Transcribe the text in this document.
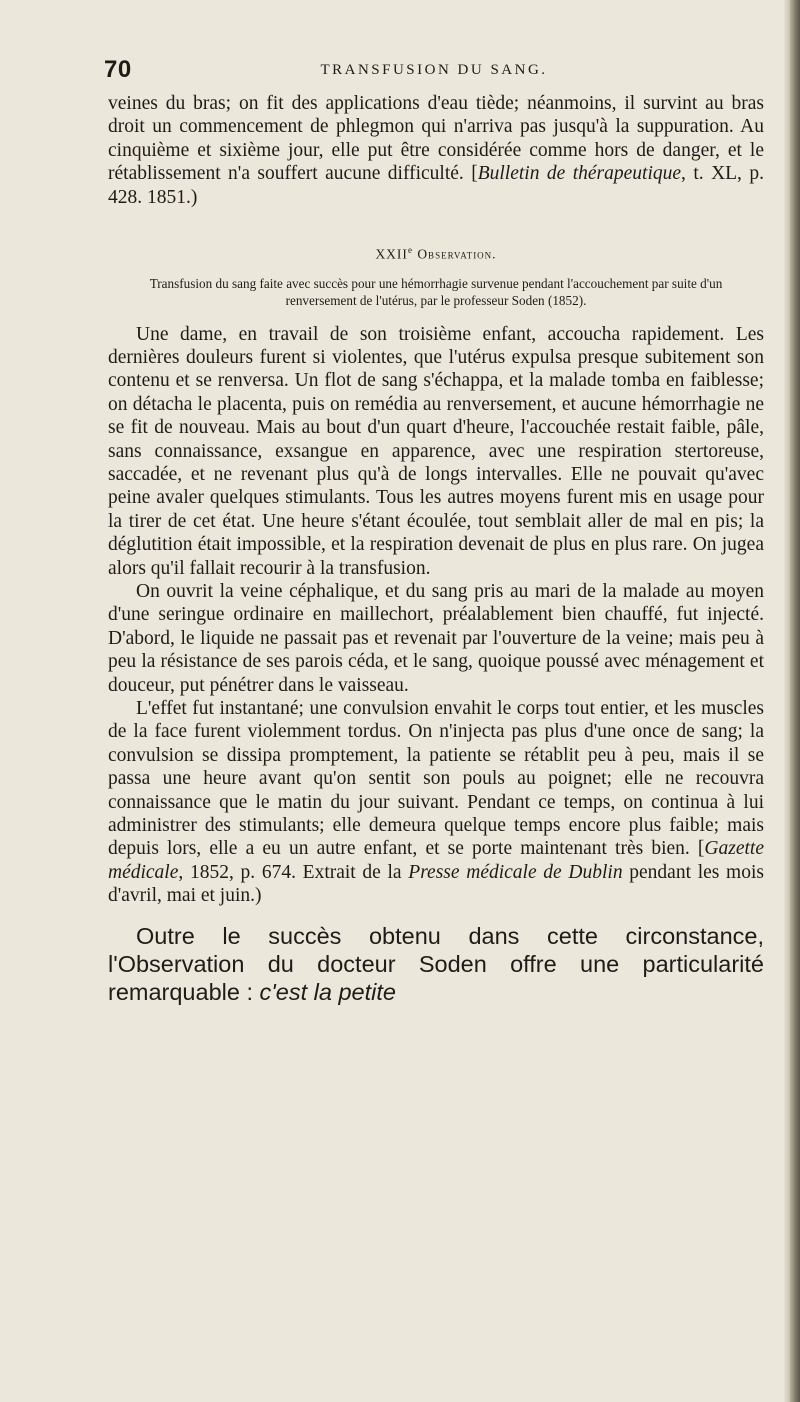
70	TRANSFUSION DU SANG.

veines du bras; on fit des applications d'eau tiède; néanmoins, il survint au bras droit un commencement de phlegmon qui n'arriva pas jusqu'à la suppuration. Au cinquième et sixième jour, elle put être considérée comme hors de danger, et le rétablissement n'a souffert aucune difficulté. [Bulletin de thérapeutique, t. XL, p. 428. 1851.)

XXIIe Observation.
Transfusion du sang faite avec succès pour une hémorrhagie survenue pendant l'accouchement par suite d'un renversement de l'utérus, par le professeur Soden (1852).

Une dame, en travail de son troisième enfant, accoucha rapidement. Les dernières douleurs furent si violentes, que l'utérus expulsa presque subitement son contenu et se renversa. Un flot de sang s'échappa, et la malade tomba en faiblesse; on détacha le placenta, puis on remédia au renversement, et aucune hémorrhagie ne se fit de nouveau. Mais au bout d'un quart d'heure, l'accouchée restait faible, pâle, sans connaissance, exsangue en apparence, avec une respiration stertoreuse, saccadée, et ne revenant plus qu'à de longs intervalles. Elle ne pouvait qu'avec peine avaler quelques stimulants. Tous les autres moyens furent mis en usage pour la tirer de cet état. Une heure s'étant écoulée, tout semblait aller de mal en pis; la déglutition était impossible, et la respiration devenait de plus en plus rare. On jugea alors qu'il fallait recourir à la transfusion.

On ouvrit la veine céphalique, et du sang pris au mari de la malade au moyen d'une seringue ordinaire en maillechort, préalablement bien chauffé, fut injecté. D'abord, le liquide ne passait pas et revenait par l'ouverture de la veine; mais peu à peu la résistance de ses parois céda, et le sang, quoique poussé avec ménagement et douceur, put pénétrer dans le vaisseau.

L'effet fut instantané; une convulsion envahit le corps tout entier, et les muscles de la face furent violemment tordus. On n'injecta pas plus d'une once de sang; la convulsion se dissipa promptement, la patiente se rétablit peu à peu, mais il se passa une heure avant qu'on sentit son pouls au poignet; elle ne recouvra connaissance que le matin du jour suivant. Pendant ce temps, on continua à lui administrer des stimulants; elle demeura quelque temps encore plus faible; mais depuis lors, elle a eu un autre enfant, et se porte maintenant très bien. [Gazette médicale, 1852, p. 674. Extrait de la Presse médicale de Dublin pendant les mois d'avril, mai et juin.)

Outre le succès obtenu dans cette circonstance, l'Observation du docteur Soden offre une particularité remarquable : c'est la petite
